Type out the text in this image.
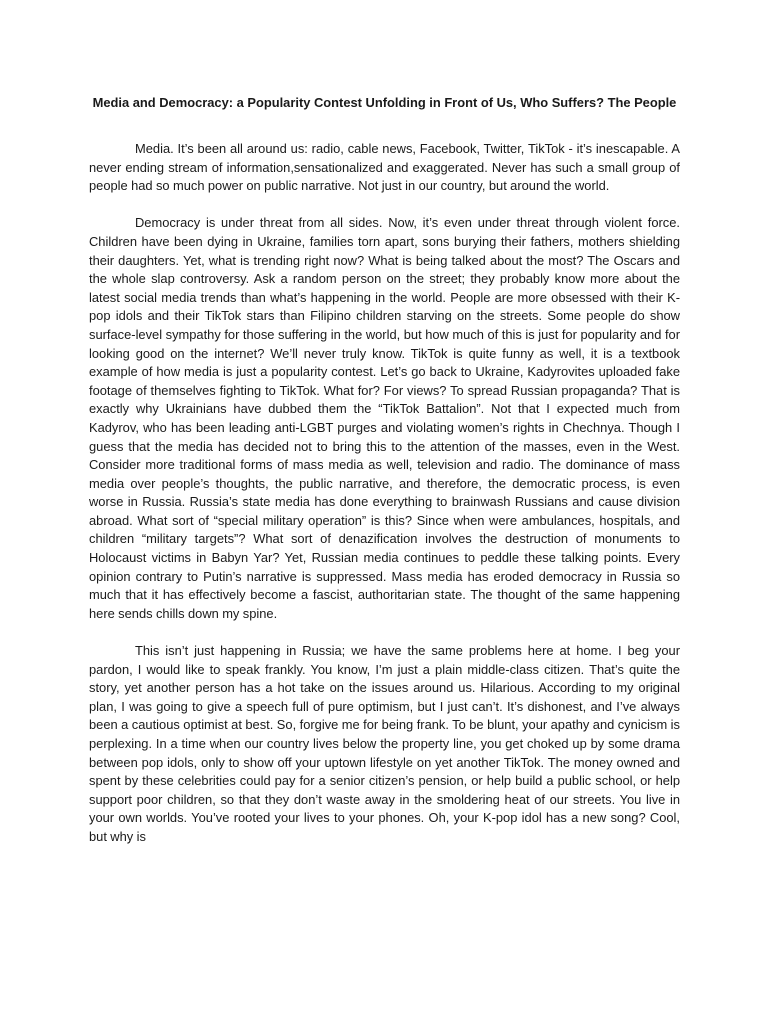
Media and Democracy: a Popularity Contest Unfolding in Front of Us, Who Suffers? The People

Media. It’s been all around us: radio, cable news, Facebook, Twitter, TikTok - it’s inescapable. A never ending stream of information,sensationalized and exaggerated. Never has such a small group of people had so much power on public narrative. Not just in our country, but around the world.

Democracy is under threat from all sides. Now, it’s even under threat through violent force. Children have been dying in Ukraine, families torn apart, sons burying their fathers, mothers shielding their daughters. Yet, what is trending right now? What is being talked about the most? The Oscars and the whole slap controversy. Ask a random person on the street; they probably know more about the latest social media trends than what’s happening in the world. People are more obsessed with their K-pop idols and their TikTok stars than Filipino children starving on the streets. Some people do show surface-level sympathy for those suffering in the world, but how much of this is just for popularity and for looking good on the internet? We’ll never truly know. TikTok is quite funny as well, it is a textbook example of how media is just a popularity contest. Let’s go back to Ukraine, Kadyrovites uploaded fake footage of themselves fighting to TikTok. What for? For views? To spread Russian propaganda? That is exactly why Ukrainians have dubbed them the “TikTok Battalion”. Not that I expected much from Kadyrov, who has been leading anti-LGBT purges and violating women’s rights in Chechnya. Though I guess that the media has decided not to bring this to the attention of the masses, even in the West. Consider more traditional forms of mass media as well, television and radio. The dominance of mass media over people’s thoughts, the public narrative, and therefore, the democratic process, is even worse in Russia. Russia’s state media has done everything to brainwash Russians and cause division abroad. What sort of “special military operation” is this? Since when were ambulances, hospitals, and children “military targets”? What sort of denazification involves the destruction of monuments to Holocaust victims in Babyn Yar? Yet, Russian media continues to peddle these talking points. Every opinion contrary to Putin’s narrative is suppressed. Mass media has eroded democracy in Russia so much that it has effectively become a fascist, authoritarian state. The thought of the same happening here sends chills down my spine.

This isn’t just happening in Russia; we have the same problems here at home. I beg your pardon, I would like to speak frankly. You know, I’m just a plain middle-class citizen. That’s quite the story, yet another person has a hot take on the issues around us. Hilarious. According to my original plan, I was going to give a speech full of pure optimism, but I just can’t. It’s dishonest, and I’ve always been a cautious optimist at best. So, forgive me for being frank. To be blunt, your apathy and cynicism is perplexing. In a time when our country lives below the property line, you get choked up by some drama between pop idols, only to show off your uptown lifestyle on yet another TikTok. The money owned and spent by these celebrities could pay for a senior citizen’s pension, or help build a public school, or help support poor children, so that they don’t waste away in the smoldering heat of our streets. You live in your own worlds. You’ve rooted your lives to your phones. Oh, your K-pop idol has a new song? Cool, but why is
